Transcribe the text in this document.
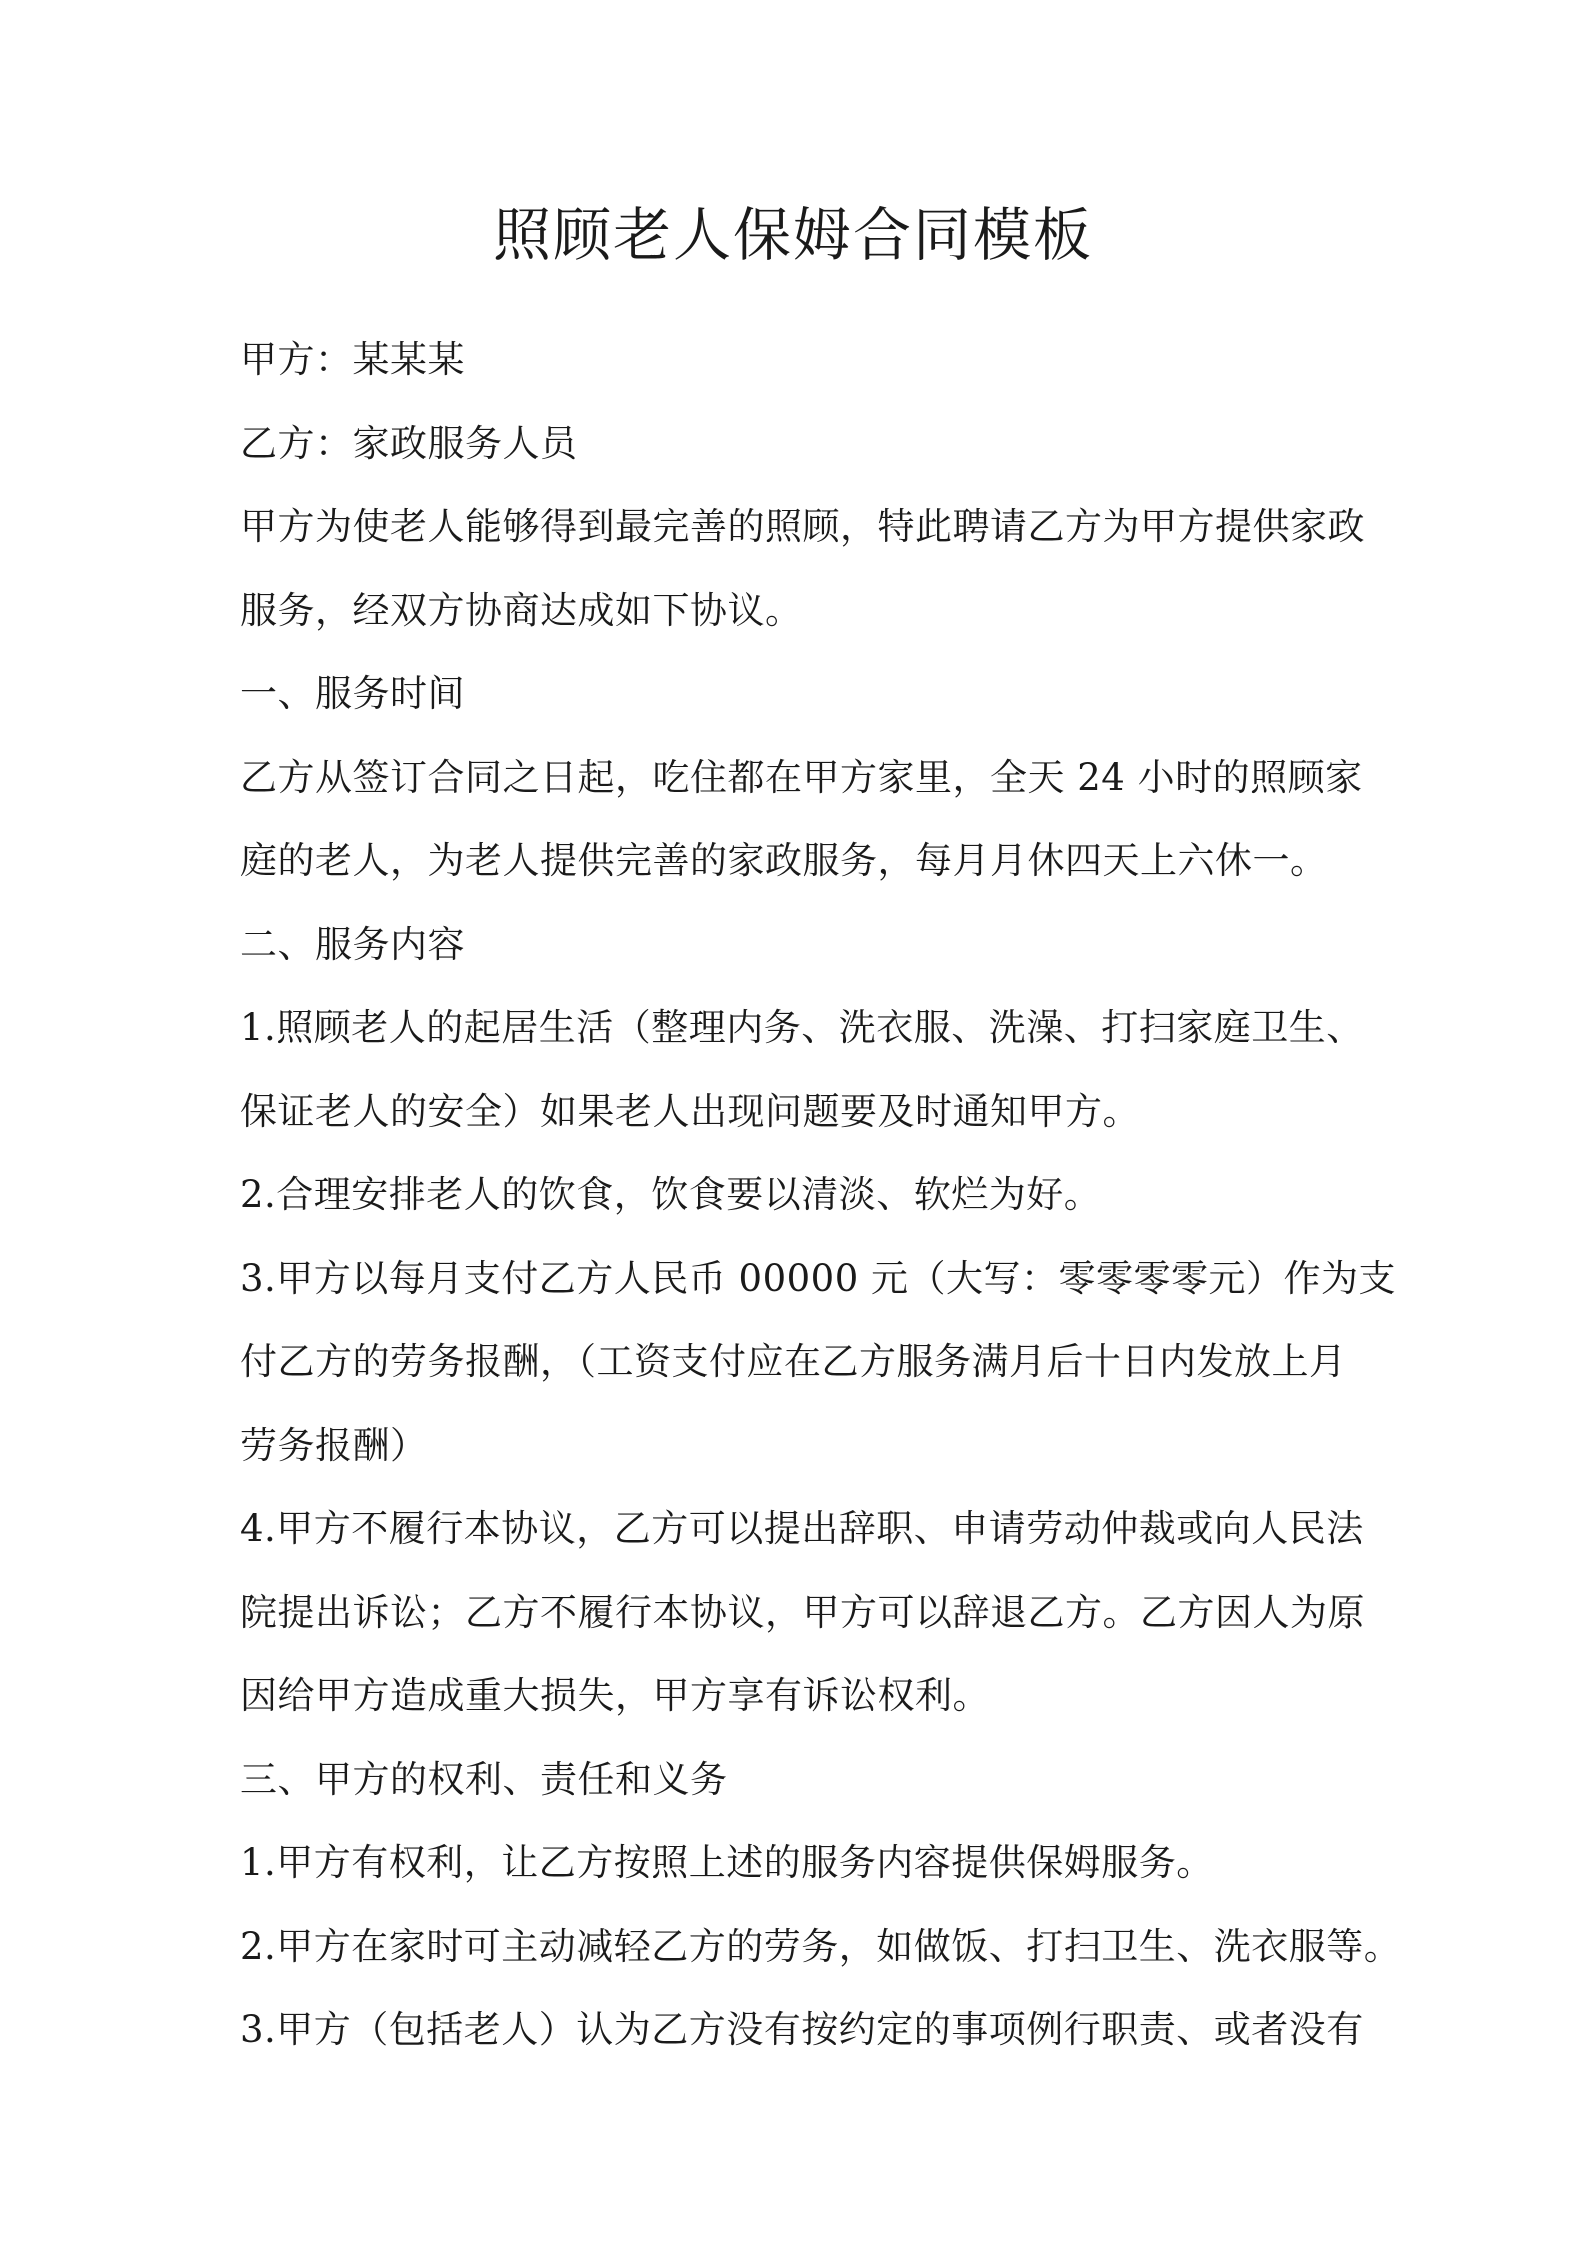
照顾老人保姆合同模板
甲方：某某某
乙方：家政服务人员
甲方为使老人能够得到最完善的照顾，特此聘请乙方为甲方提供家政
服务，经双方协商达成如下协议。
一、服务时间
乙方从签订合同之日起，吃住都在甲方家里，全天 24 小时的照顾家
庭的老人，为老人提供完善的家政服务，每月月休四天上六休一。
二、服务内容
1.照顾老人的起居生活（整理内务、洗衣服、洗澡、打扫家庭卫生、
保证老人的安全）如果老人出现问题要及时通知甲方。
2.合理安排老人的饮食，饮食要以清淡、软烂为好。
3.甲方以每月支付乙方人民币 00000 元（大写：零零零零元）作为支
付乙方的劳务报酬，（工资支付应在乙方服务满月后十日内发放上月
劳务报酬）
4.甲方不履行本协议，乙方可以提出辞职、申请劳动仲裁或向人民法
院提出诉讼；乙方不履行本协议，甲方可以辞退乙方。乙方因人为原
因给甲方造成重大损失，甲方享有诉讼权利。
三、甲方的权利、责任和义务
1.甲方有权利，让乙方按照上述的服务内容提供保姆服务。
2.甲方在家时可主动减轻乙方的劳务，如做饭、打扫卫生、洗衣服等。
3.甲方（包括老人）认为乙方没有按约定的事项例行职责、或者没有
